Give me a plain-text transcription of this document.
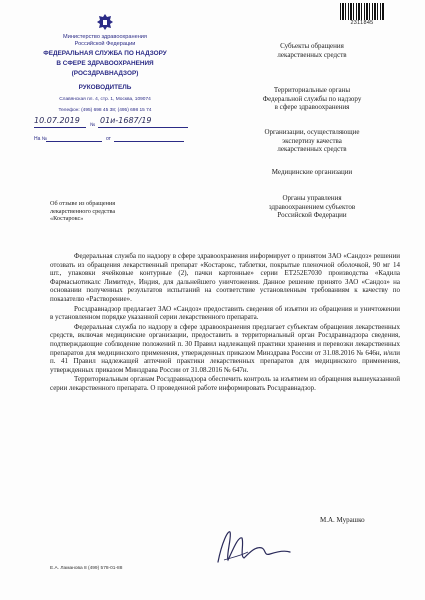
2311845
Министерство здравоохранения
Российской Федерации
ФЕДЕРАЛЬНАЯ СЛУЖБА ПО НАДЗОРУ
В СФЕРЕ ЗДРАВООХРАНЕНИЯ
(РОСЗДРАВНАДЗОР)
РУКОВОДИТЕЛЬ
Славянская пл. 4, стр. 1, Москва, 109074
Телефон: (495) 698 45 38; (495) 698 15 74
10.07.2019 № 01и-1687/19
На №	от
Субъекты обращения
лекарственных средств
Территориальные органы
Федеральной службы по надзору
в сфере здравоохранения
Организации, осуществляющие
экспертизу качества
лекарственных средств
Медицинские организации
Органы управления
здравоохранением субъектов
Российской Федерации
Об отзыве из обращения
лекарственного средства
«Костарокс»

Федеральная служба по надзору в сфере здравоохранения информирует о принятом ЗАО «Сандоз» решении отозвать из обращения лекарственный препарат «Костарокс, таблетки, покрытые пленочной оболочкой, 90 мг 14 шт., упаковки ячейковые контурные (2), пачки картонные» серии ET252E7030 производства «Кадила Фармасьютикалс Лимитед», Индия, для дальнейшего уничтожения. Данное решение принято ЗАО «Сандоз» на основании полученных результатов испытаний на соответствие установленным требованиям к качеству по показателю «Растворение».

Росздравнадзор предлагает ЗАО «Сандоз» предоставить сведения об изъятии из обращения и уничтожении в установленном порядке указанной серии лекарственного препарата.

Федеральная служба по надзору в сфере здравоохранения предлагает субъектам обращения лекарственных средств, включая медицинские организации, предоставить в территориальный орган Росздравнадзора сведения, подтверждающие соблюдение положений п. 30 Правил надлежащей практики хранения и перевозки лекарственных препаратов для медицинского применения, утвержденных приказом Минздрава России от 31.08.2016 № 646н, и/или п. 41 Правил надлежащей аптечной практики лекарственных препаратов для медицинского применения, утвержденных приказом Минздрава России от 31.08.2016 № 647н.

Территориальным органам Росздравнадзора обеспечить контроль за изъятием из обращения вышеуказанной серии лекарственного препарата. О проведенной работе информировать Росздравнадзор.

М.А. Мурашко
Е.А. Ламанова 8 (499) 578-01-88
